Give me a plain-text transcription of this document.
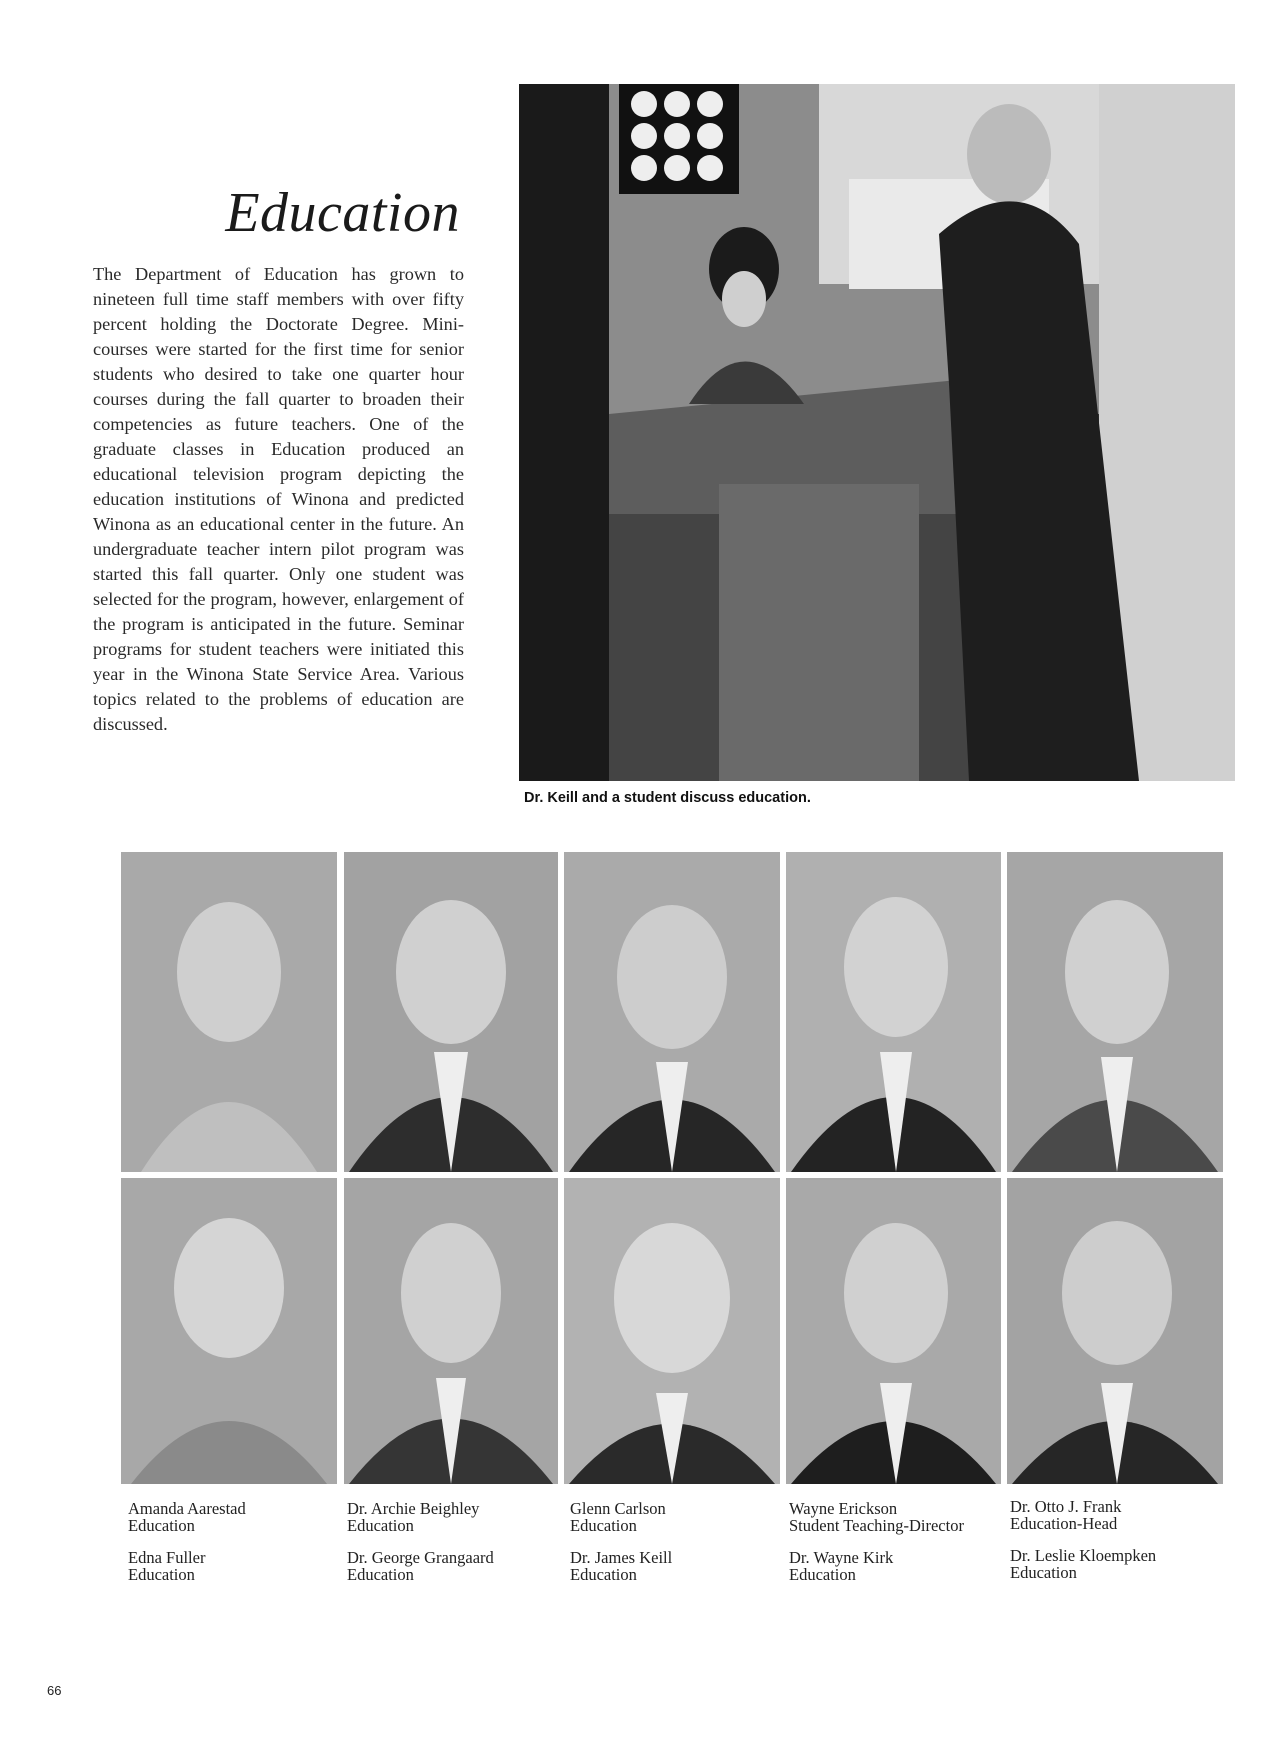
Education
The Department of Education has grown to nineteen full time staff members with over fifty percent holding the Doctorate Degree. Mini-courses were started for the first time for senior students who desired to take one quarter hour courses during the fall quarter to broaden their competencies as future teachers. One of the graduate classes in Education produced an educational television program depicting the education institutions of Winona and predicted Winona as an educational center in the future. An undergraduate teacher intern pilot program was started this fall quarter. Only one student was selected for the program, however, enlargement of the program is anticipated in the future. Seminar programs for student teachers were initiated this year in the Winona State Service Area. Various topics related to the problems of education are discussed.
Dr. Keill and a student discuss education.
Amanda Aarestad
Education
Dr. Archie Beighley
Education
Glenn Carlson
Education
Wayne Erickson
Student Teaching-Director
Dr. Otto J. Frank
Education-Head
Edna Fuller
Education
Dr. George Grangaard
Education
Dr. James Keill
Education
Dr. Wayne Kirk
Education
Dr. Leslie Kloempken
Education
66
